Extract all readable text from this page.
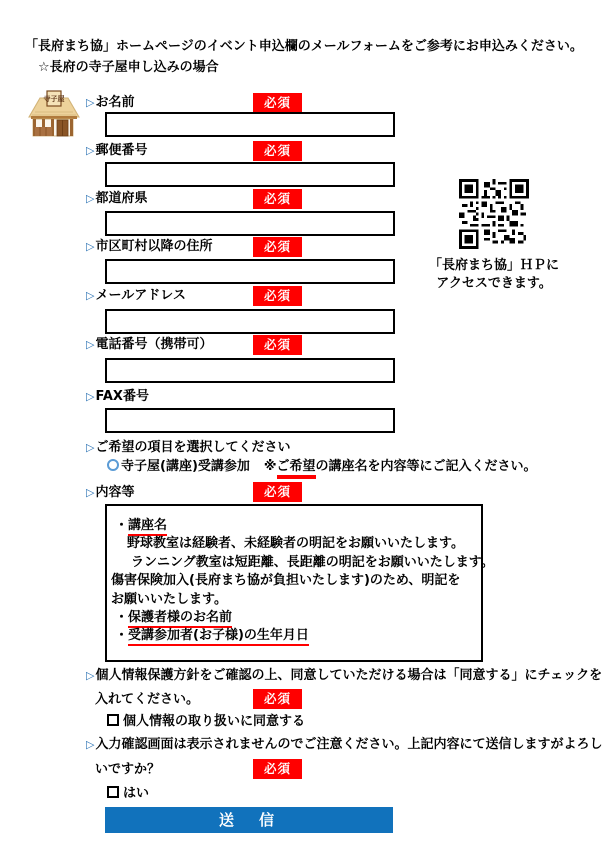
「長府まち協」ホームページのイベント申込欄のメールフォームをご参考にお申込みください。
☆長府の寺子屋申し込みの場合
寺子屋
「長府まち協」ＨＰに
アクセスできます。
▷お名前	必須
▷郵便番号	必須
▷都道府県	必須
▷市区町村以降の住所	必須
▷メールアドレス	必須
▷電話番号（携帯可）	必須
▷FAX番号
▷ご希望の項目を選択してください
寺子屋(講座)受講参加 ※ご希望の講座名を内容等にご記入ください。
▷内容等	必須
・講座名
野球教室は経験者、未経験者の明記をお願いいたします。
ランニング教室は短距離、長距離の明記をお願いいたします。
傷害保険加入(長府まち協が負担いたします)のため、明記を
お願いいたします。
・保護者様のお名前
・受講参加者(お子様)の生年月日
▷個人情報保護方針をご確認の上、同意していただける場合は「同意する」にチェックを
入れてください。	必須
個人情報の取り扱いに同意する
▷入力確認画面は表示されませんのでご注意ください。上記内容にて送信しますがよろし
いですか？	必須
はい
送　信
